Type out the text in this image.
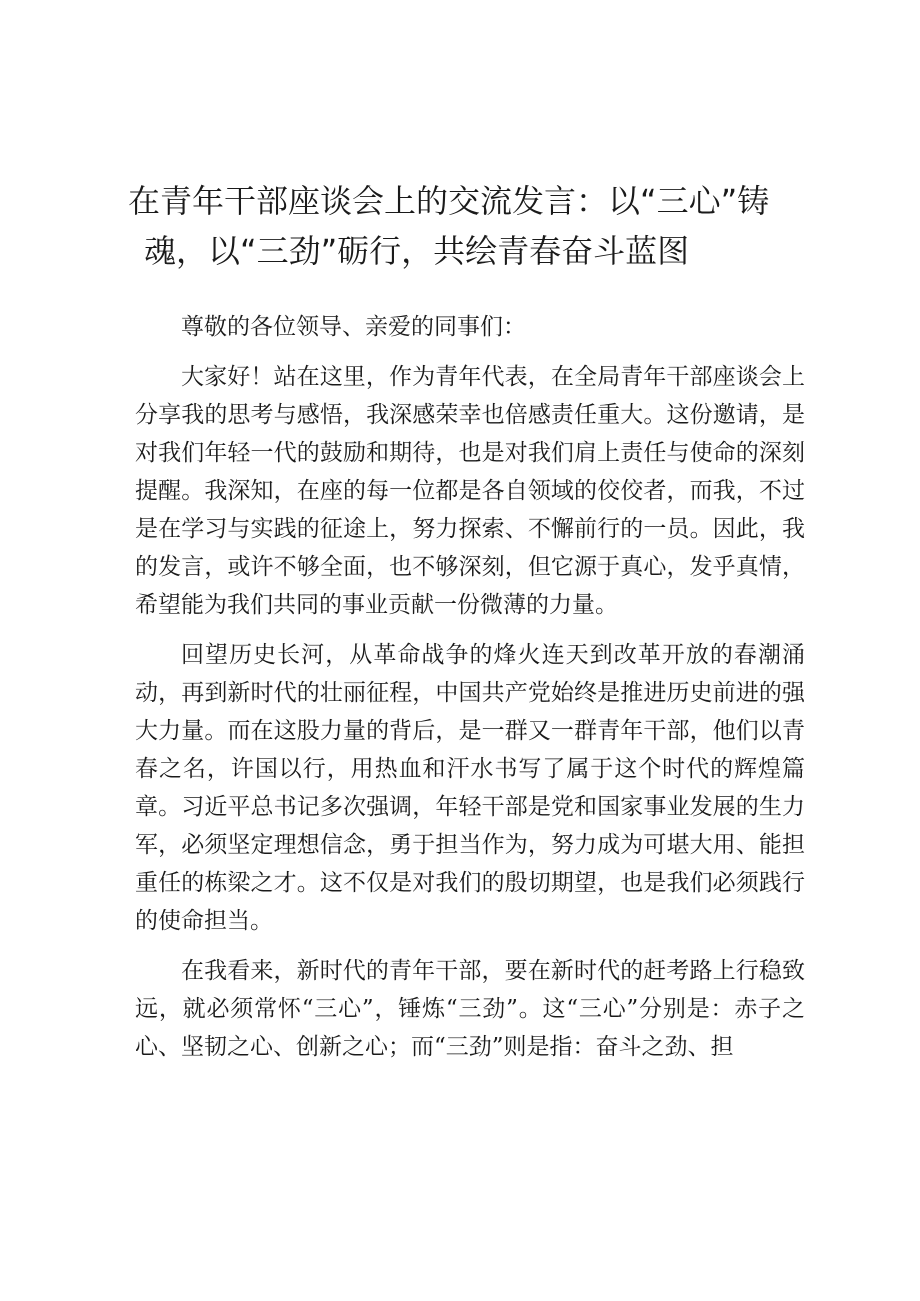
在青年干部座谈会上的交流发言：以“三心”铸
魂，以“三劲”砺行，共绘青春奋斗蓝图

尊敬的各位领导、亲爱的同事们：

大家好！站在这里，作为青年代表，在全局青年干部座谈会上分享我的思考与感悟，我深感荣幸也倍感责任重大。这份邀请，是对我们年轻一代的鼓励和期待，也是对我们肩上责任与使命的深刻提醒。我深知，在座的每一位都是各自领域的佼佼者，而我，不过是在学习与实践的征途上，努力探索、不懈前行的一员。因此，我的发言，或许不够全面，也不够深刻，但它源于真心，发乎真情，希望能为我们共同的事业贡献一份微薄的力量。

回望历史长河，从革命战争的烽火连天到改革开放的春潮涌动，再到新时代的壮丽征程，中国共产党始终是推进历史前进的强大力量。而在这股力量的背后，是一群又一群青年干部，他们以青春之名，许国以行，用热血和汗水书写了属于这个时代的辉煌篇章。习近平总书记多次强调，年轻干部是党和国家事业发展的生力军，必须坚定理想信念，勇于担当作为，努力成为可堪大用、能担重任的栋梁之才。这不仅是对我们的殷切期望，也是我们必须践行的使命担当。

在我看来，新时代的青年干部，要在新时代的赶考路上行稳致远，就必须常怀“三心”，锤炼“三劲”。这“三心”分别是：赤子之心、坚韧之心、创新之心；而“三劲”则是指：奋斗之劲、担
